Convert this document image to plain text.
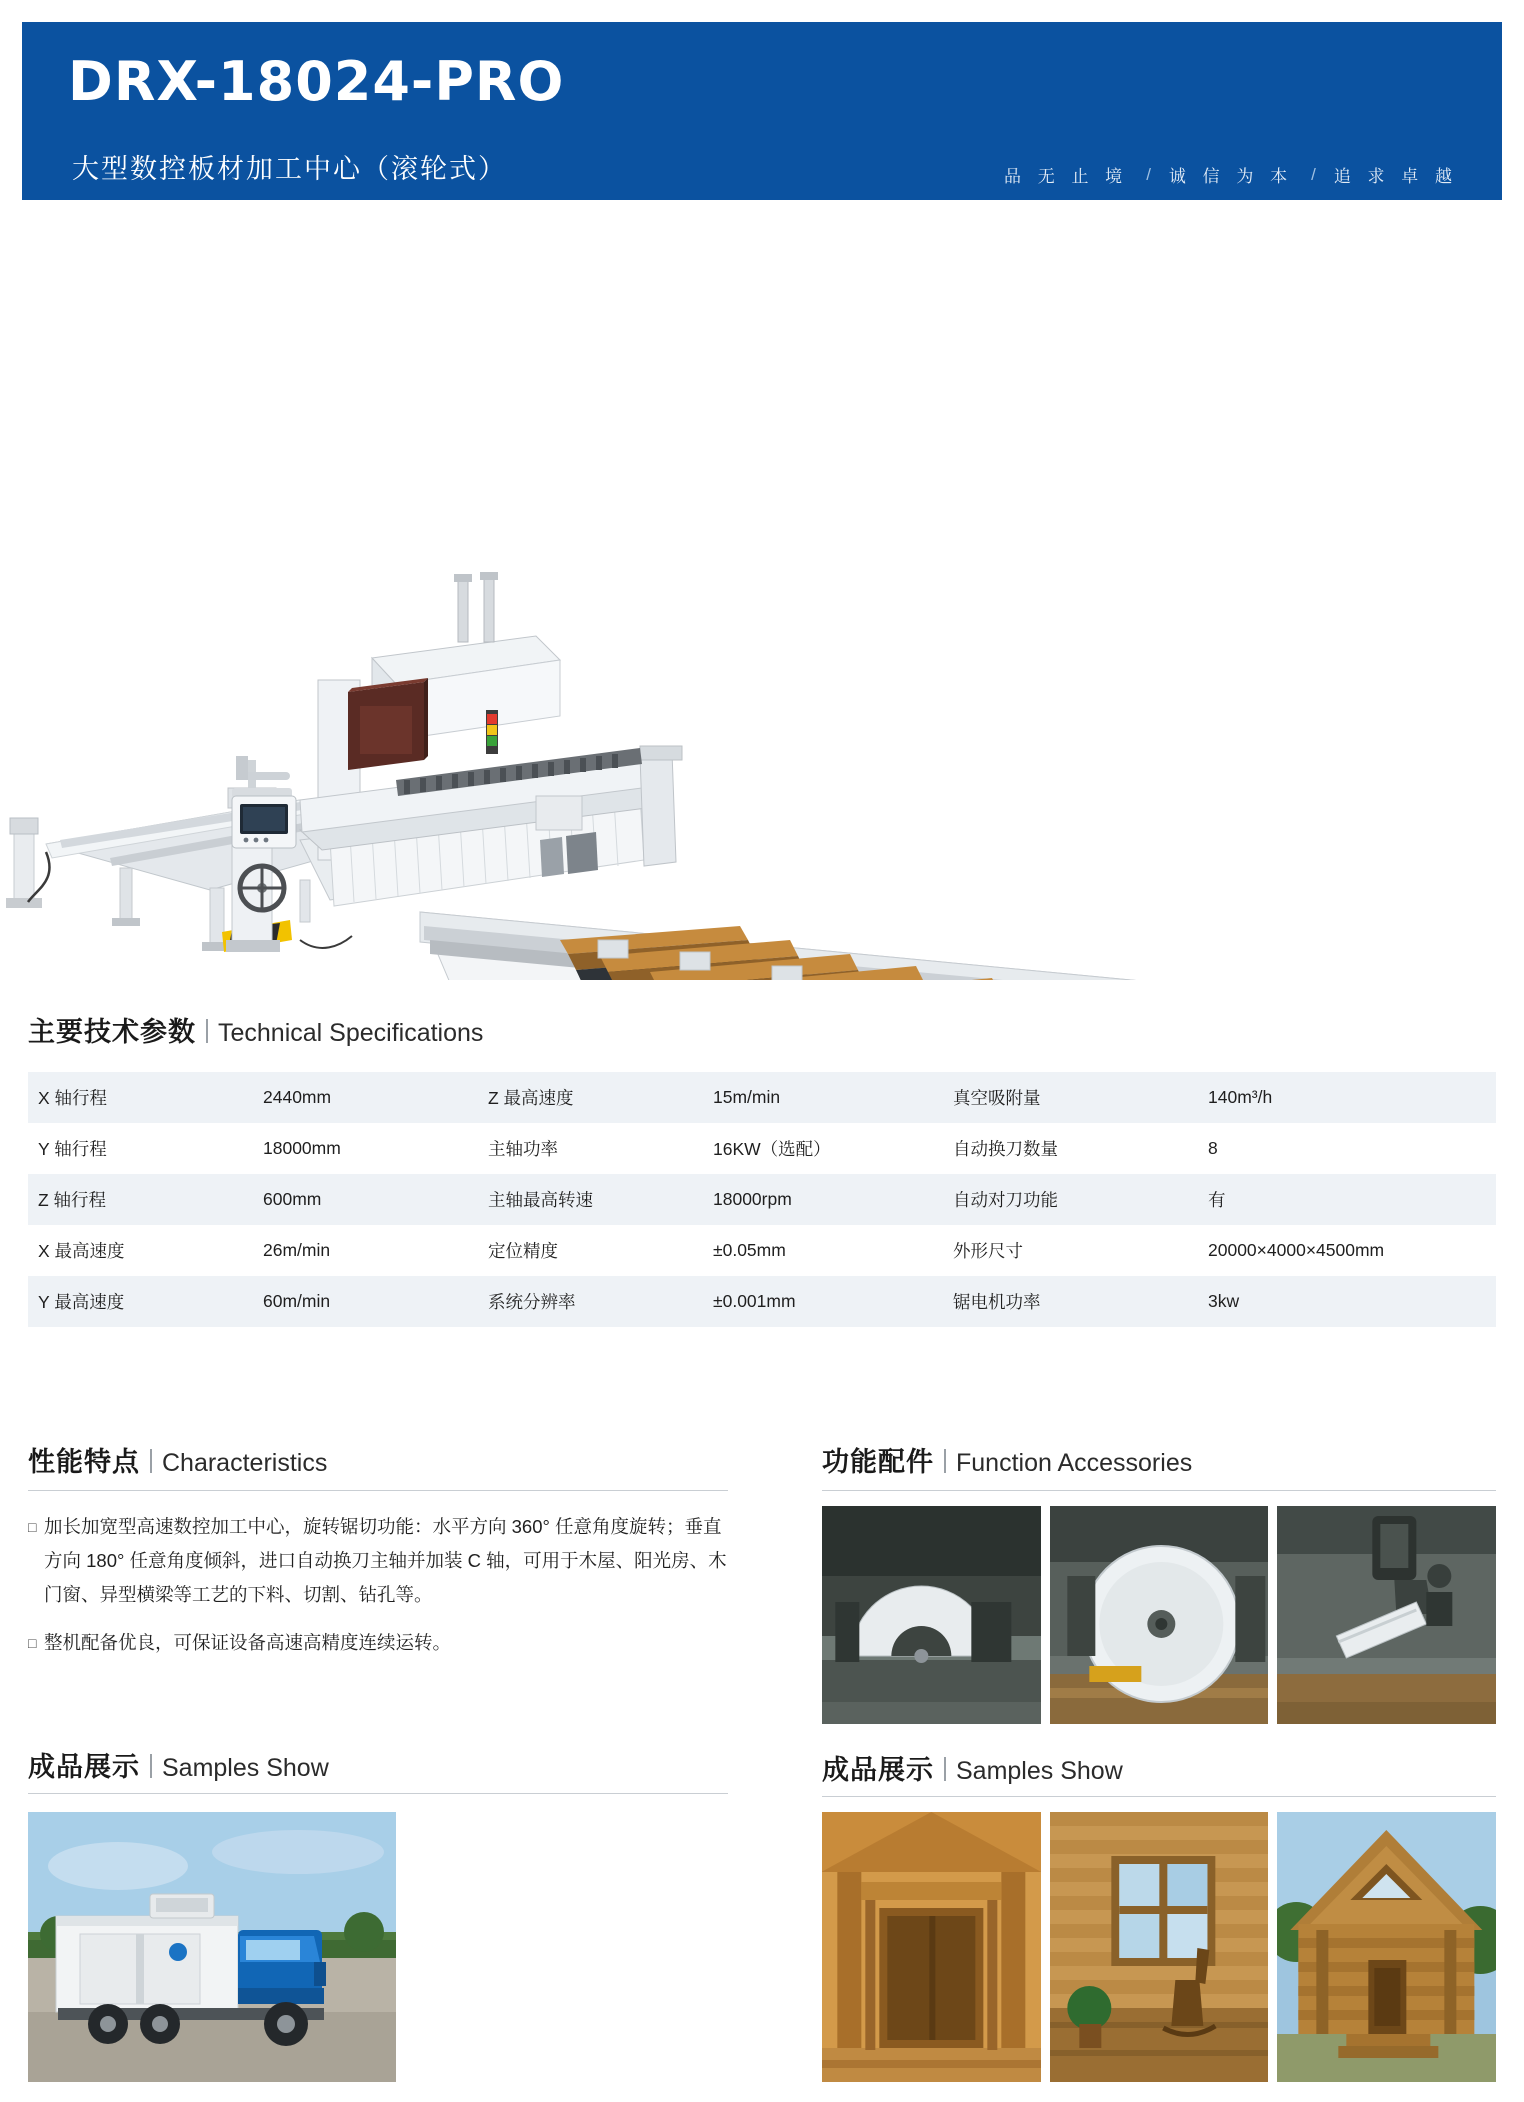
DRX-18024-PRO
大型数控板材加工中心（滚轮式）	品 无 止 境 / 诚 信 为 本 / 追 求 卓 越
主要技术参数 Technical Specifications
X 轴行程	2440mm	Z 最高速度	15m/min	真空吸附量	140m³/h
Y 轴行程	18000mm	主轴功率	16KW（选配）	自动换刀数量	8
Z 轴行程	600mm	主轴最高转速	18000rpm	自动对刀功能	有
X 最高速度	26m/min	定位精度	±0.05mm	外形尺寸	20000×4000×4500mm
Y 最高速度	60m/min	系统分辨率	±0.001mm	锯电机功率	3kw
性能特点 Characteristics
□ 加长加宽型高速数控加工中心，旋转锯切功能：水平方向 360° 任意角度旋转；垂直方向 180° 任意角度倾斜，进口自动换刀主轴并加装 C 轴，可用于木屋、阳光房、木门窗、异型横梁等工艺的下料、切割、钻孔等。
□ 整机配备优良，可保证设备高速高精度连续运转。
功能配件 Function Accessories
成品展示 Samples Show	成品展示 Samples Show
